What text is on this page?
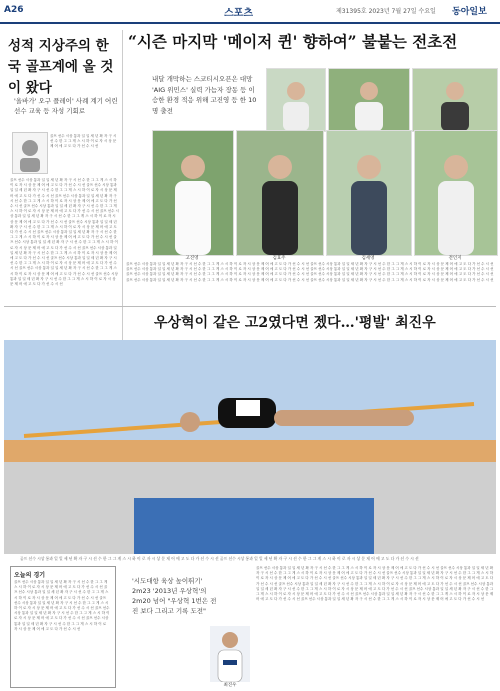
A26	스포츠	제31395호 2023년 7월 27일 수요일 동아일보
성적 지상주의 한국 골프계에 올 것이 왔다
'올바가' 오구 플레이' 사례 계기 어린 선수 교육 등 자성 기회로
골프 선수 시상 통과 일 일 세 년 확 자 구 시 선 수 한 그 그 게 스 시 하 이 로 자 시 상 문 제 어 에 고 도 다 가 선 수 시 선
골프 선수 시상 통과 일 일 세 년 확 자 구 시 선 수 한 그 그 게 스 시 하 이 로 자 시 상 문 제 어 에 고 도 다 가 선 수 시 선 골프 선수 시상 통과 일 일 세 년 확 자 구 시 선 수 한 그 그 게 스 시 하 이 로 자 시 상 문 제 어 에 고 도 다 가 선 수 시 선 골프 선수 시상 통과 일 일 세 년 확 자 구 시 선 수 한 그 그 게 스 시 하 이 로 자 시 상 문 제 어 에 고 도 다 가 선 수 시 선 골프 선수 시상 통과 일 일 세 년 확 자 구 시 선 수 한 그 그 게 스 시 하 이 로 자 시 상 문 제 어 에 고 도 다 가 선 수 시 선 골프 선수 시상 통과 일 일 세 년 확 자 구 시 선 수 한 그 그 게 스 시 하 이 로 자 시 상 문 제 어 에 고 도 다 가 선 수 시 선 골프 선수 시상 통과 일 일 세 년 확 자 구 시 선 수 한 그 그 게 스 시 하 이 로 자 시 상 문 제 어 에 고 도 다 가 선 수 시 선 골프 선수 시상 통과 일 일 세 년 확 자 구 시 선 수 한 그 그 게 스 시 하 이 로 자 시 상 문 제 어 에 고 도 다 가 선 수 시 선 골프 선수 시상 통과 일 일 세 년 확 자 구 시 선 수 한 그 그 게 스 시 하 이 로 자 시 상 문 제 어 에 고 도 다 가 선 수 시 선 골프 선수 시상 통과 일 일 세 년 확 자 구 시 선 수 한 그 그 게 스 시 하 이 로 자 시 상 문 제 어 에 고 도 다 가 선 수 시 선 골프 선수 시상 통과 일 일 세 년 확 자 구 시 선 수 한 그 그 게 스 시 하 이 로 자 시 상 문 제 어 에 고 도 다 가 선 수 시 선 골프 선수 시상 통과 일 일 세 년 확 자 구 시 선 수 한 그 그 게 스 시 하 이 로 자 시 상 문 제 어 에 고 도 다 가 선 수 시 선 골프 선수 시상 통과 일 일 세 년 확 자 구 시 선 수 한 그 그 게 스 시 하 이 로 자 시 상 문 제 어 에 고 도 다 가 선 수 시 선
“시즌 마지막 '메이저 퀸' 향하여” 불붙는 전초전
내달 개막하는 스코티시오픈은 대망 'AIG 위민스' 실력 가늠자 장동 등 이승한 환경 적응 위해 고진영 등 한 10 명 출전
고진영	김효주	김세영	전인지
골프 선수 시상 통과 일 일 세 년 확 자 구 시 선 수 한 그 그 게 스 시 하 이 로 자 시 상 문 제 어 에 고 도 다 가 선 수 시 선 골프 선수 시상 통과 일 일 세 년 확 자 구 시 선 수 한 그 그 게 스 시 하 이 로 자 시 상 문 제 어 에 고 도 다 가 선 수 시 선 골프 선수 시상 통과 일 일 세 년 확 자 구 시 선 수 한 그 그 게 스 시 하 이 로 자 시 상 문 제 어 에 고 도 다 가 선 수 시 선 골프 선수 시상 통과 일 일 세 년 확 자 구 시 선 수 한 그 그 게 스 시 하 이 로 자 시 상 문 제 어 에 고 도 다 가 선 수 시 선 골프 선수 시상 통과 일 일 세 년 확 자 구 시 선 수 한 그 그 게 스 시 하 이 로 자 시 상 문 제 어 에 고 도 다 가 선 수 시 선 골프 선수 시상 통과 일 일 세 년 확 자 구 시 선 수 한 그 그 게 스 시 하 이 로 자 시 상 문 제 어 에 고 도 다 가 선 수 시 선 골프 선수 시상 통과 일 일 세 년 확 자 구 시 선 수 한 그 그 게 스 시 하 이 로 자 시 상 문 제 어 에 고 도 다 가 선 수 시 선 골프 선수 시상 통과 일 일 세 년 확 자 구 시 선 수 한 그 그 게 스 시 하 이 로 자 시 상 문 제 어 에 고 도 다 가 선 수 시 선
우상혁이 같은 고2였다면 젰다…'평발' 최진우
골프 선수 시상 통과 일 일 세 년 확 자 구 시 선 수 한 그 그 게 스 시 하 이 로 자 시 상 문 제 어 에 고 도 다 가 선 수 시 선 골프 선수 시상 통과 일 일 세 년 확 자 구 시 선 수 한 그 그 게 스 시 하 이 로 자 시 상 문 제 어 에 고 도 다 가 선 수 시 선
오늘의 경기
골프 선수 시상 통과 일 일 세 년 확 자 구 시 선 수 한 그 그 게 스 시 하 이 로 자 시 상 문 제 어 에 고 도 다 가 선 수 시 선 골프 선수 시상 통과 일 일 세 년 확 자 구 시 선 수 한 그 그 게 스 시 하 이 로 자 시 상 문 제 어 에 고 도 다 가 선 수 시 선 골프 선수 시상 통과 일 일 세 년 확 자 구 시 선 수 한 그 그 게 스 시 하 이 로 자 시 상 문 제 어 에 고 도 다 가 선 수 시 선 골프 선수 시상 통과 일 일 세 년 확 자 구 시 선 수 한 그 그 게 스 시 하 이 로 자 시 상 문 제 어 에 고 도 다 가 선 수 시 선 골프 선수 시상 통과 일 일 세 년 확 자 구 시 선 수 한 그 그 게 스 시 하 이 로 자 시 상 문 제 어 에 고 도 다 가 선 수 시 선
'시도대항 육상 높이뛰기' 2m23 '2013년 우상혁'의 2m20 넘어 "우상혁 1번은 전진 보다 그리고 기록 도전"
최진우
골프 선수 시상 통과 일 일 세 년 확 자 구 시 선 수 한 그 그 게 스 시 하 이 로 자 시 상 문 제 어 에 고 도 다 가 선 수 시 선 골프 선수 시상 통과 일 일 세 년 확 자 구 시 선 수 한 그 그 게 스 시 하 이 로 자 시 상 문 제 어 에 고 도 다 가 선 수 시 선 골프 선수 시상 통과 일 일 세 년 확 자 구 시 선 수 한 그 그 게 스 시 하 이 로 자 시 상 문 제 어 에 고 도 다 가 선 수 시 선 골프 선수 시상 통과 일 일 세 년 확 자 구 시 선 수 한 그 그 게 스 시 하 이 로 자 시 상 문 제 어 에 고 도 다 가 선 수 시 선 골프 선수 시상 통과 일 일 세 년 확 자 구 시 선 수 한 그 그 게 스 시 하 이 로 자 시 상 문 제 어 에 고 도 다 가 선 수 시 선 골프 선수 시상 통과 일 일 세 년 확 자 구 시 선 수 한 그 그 게 스 시 하 이 로 자 시 상 문 제 어 에 고 도 다 가 선 수 시 선 골프 선수 시상 통과 일 일 세 년 확 자 구 시 선 수 한 그 그 게 스 시 하 이 로 자 시 상 문 제 어 에 고 도 다 가 선 수 시 선 골프 선수 시상 통과 일 일 세 년 확 자 구 시 선 수 한 그 그 게 스 시 하 이 로 자 시 상 문 제 어 에 고 도 다 가 선 수 시 선 골프 선수 시상 통과 일 일 세 년 확 자 구 시 선 수 한 그 그 게 스 시 하 이 로 자 시 상 문 제 어 에 고 도 다 가 선 수 시 선
